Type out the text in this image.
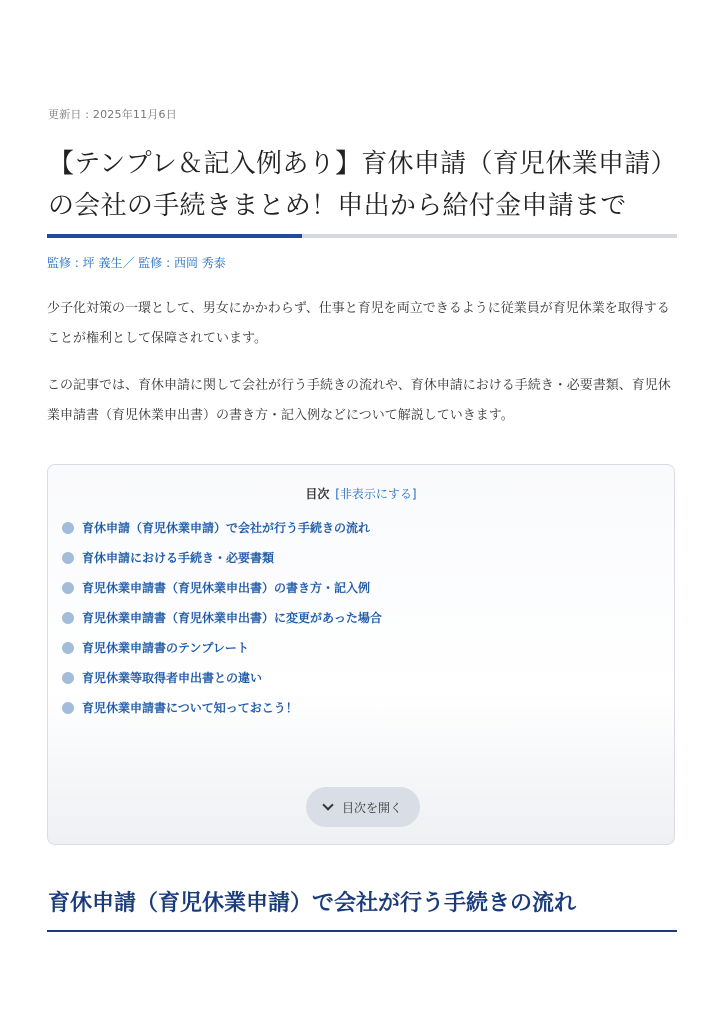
更新日 : 2025年11月6日
【テンプレ＆記入例あり】育休申請（育児休業申請）の会社の手続きまとめ！申出から給付金申請まで
監修 : 坪 義生／ 監修 : 西岡 秀泰

少子化対策の一環として、男女にかかわらず、仕事と育児を両立できるように従業員が育児休業を取得することが権利として保障されています。

この記事では、育休申請に関して会社が行う手続きの流れや、育休申請における手続き・必要書類、育児休業申請書（育児休業申出書）の書き方・記入例などについて解説していきます。

目次 [非表示にする]
育休申請（育児休業申請）で会社が行う手続きの流れ
育休申請における手続き・必要書類
育児休業申請書（育児休業申出書）の書き方・記入例
育児休業申請書（育児休業申出書）に変更があった場合
育児休業申請書のテンプレート
育児休業等取得者申出書との違い
育児休業申請書について知っておこう！
目次を開く
育休申請（育児休業申請）で会社が行う手続きの流れ
